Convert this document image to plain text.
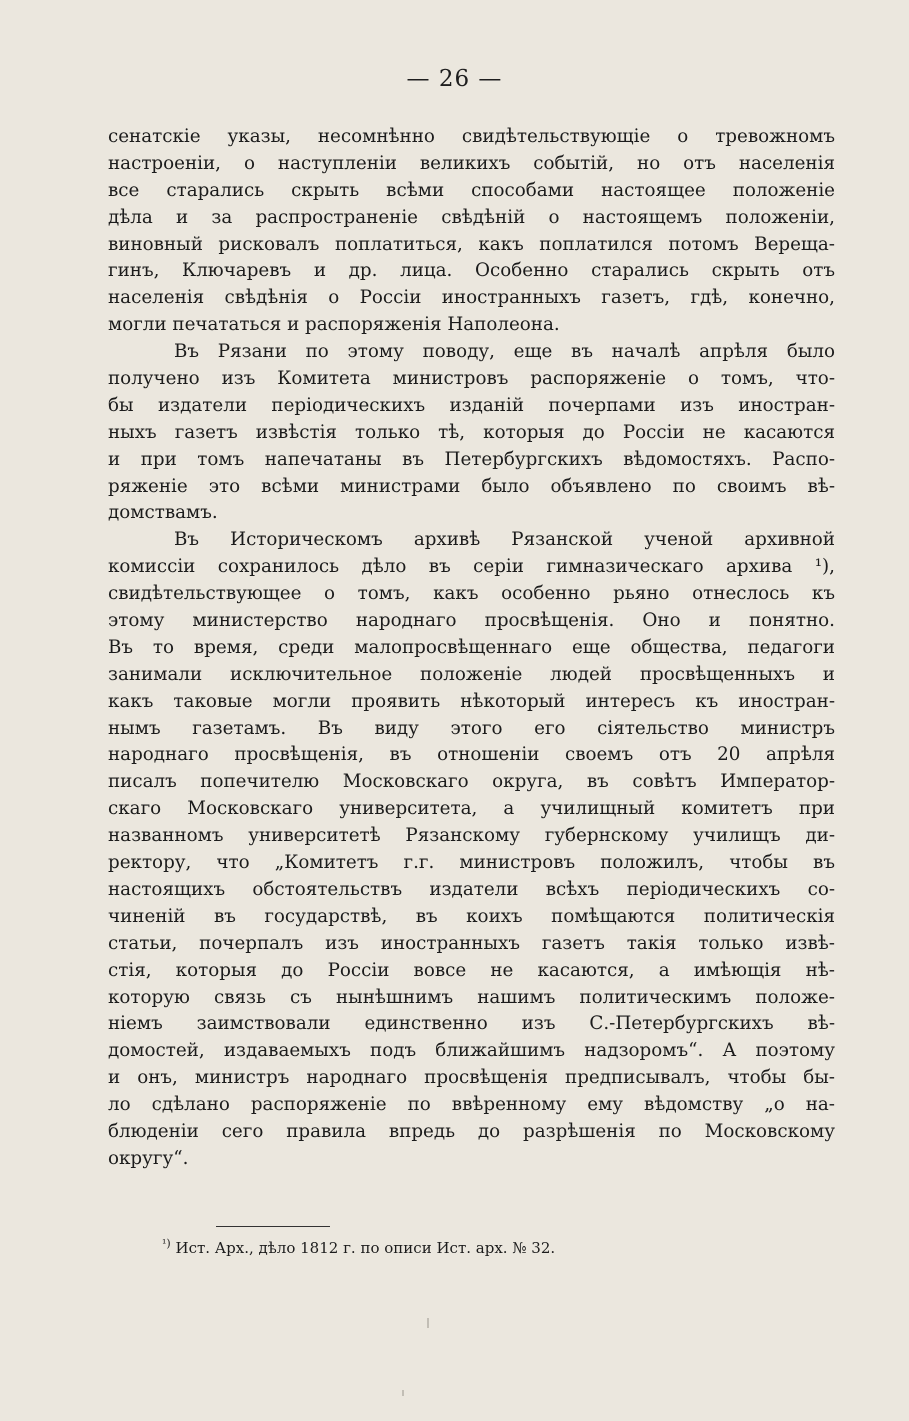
— 26 —
сенатскіе указы, несомнѣнно свидѣтельствующіе о тревожномъ
настроеніи, о наступленіи великихъ событій, но отъ населенія
все старались скрыть всѣми способами настоящее положеніе
дѣла и за распространеніе свѣдѣній о настоящемъ положеніи,
виновный рисковалъ поплатиться, какъ поплатился потомъ Верещa-
гинъ, Ключаревъ и др. лица. Особенно старались скрыть отъ
населенія свѣдѣнія о Россіи иностранныхъ газетъ, гдѣ, конечно,
могли печататься и распоряженія Наполеона.
Въ Рязани по этому поводу, еще въ началѣ апрѣля было
получено изъ Комитета министровъ распоряженіе о томъ, что-
бы издатели періодическихъ изданій почерпами изъ иностран-
ныхъ газетъ извѣстія только тѣ, которыя до Россіи не касаются
и при томъ напечатаны въ Петербургскихъ вѣдомостяхъ. Распо-
ряженіе это всѣми министрами было объявлено по своимъ вѣ-
домствамъ.
Въ Историческомъ архивѣ Рязанской ученой архивной
комиссіи сохранилось дѣло въ серіи гимназическаго архива ¹),
свидѣтельствующее о томъ, какъ особенно рьяно отнеслось къ
этому министерство народнаго просвѣщенія. Оно и понятно.
Въ то время, среди малопросвѣщеннаго еще общества, педагоги
занимали исключительное положеніе людей просвѣщенныхъ и
какъ таковые могли проявить нѣкоторый интересъ къ иностран-
нымъ газетамъ. Въ виду этого его сіятельство министръ
народнаго просвѣщенія, въ отношеніи своемъ отъ 20 апрѣля
писалъ попечителю Московскаго округа, въ совѣтъ Импeратор-
скаго Московскаго университета, а училищный комитетъ при
названномъ университетѣ Рязанскому губернскому училищъ ди-
ректору, что „Комитетъ г.г. министровъ положилъ, чтобы въ
настоящихъ обстоятельствъ издатели всѣхъ періодическихъ со-
чиненій въ государствѣ, въ коихъ помѣщаются политическія
статьи, почерпалъ изъ иностранныхъ газетъ такія только извѣ-
стія, которыя до Россіи вовсе не касаются, а имѣющія нѣ-
которую связь съ нынѣшнимъ нашимъ политическимъ положе-
ніемъ заимствовали единственно изъ С.-Петербургскихъ вѣ-
домостей, издаваемыхъ подъ ближайшимъ надзоромъ“. А поэтому
и онъ, министръ народнаго просвѣщенія предписывалъ, чтобы бы-
ло сдѣлано распоряженіе по ввѣренному ему вѣдомству „о на-
блюденіи сего правила впредь до разрѣшенія по Московскому
округу“.
$^{^1)}$ Ист. Арх., дѣло 1812 г. по описи Ист. арх. № 32.
